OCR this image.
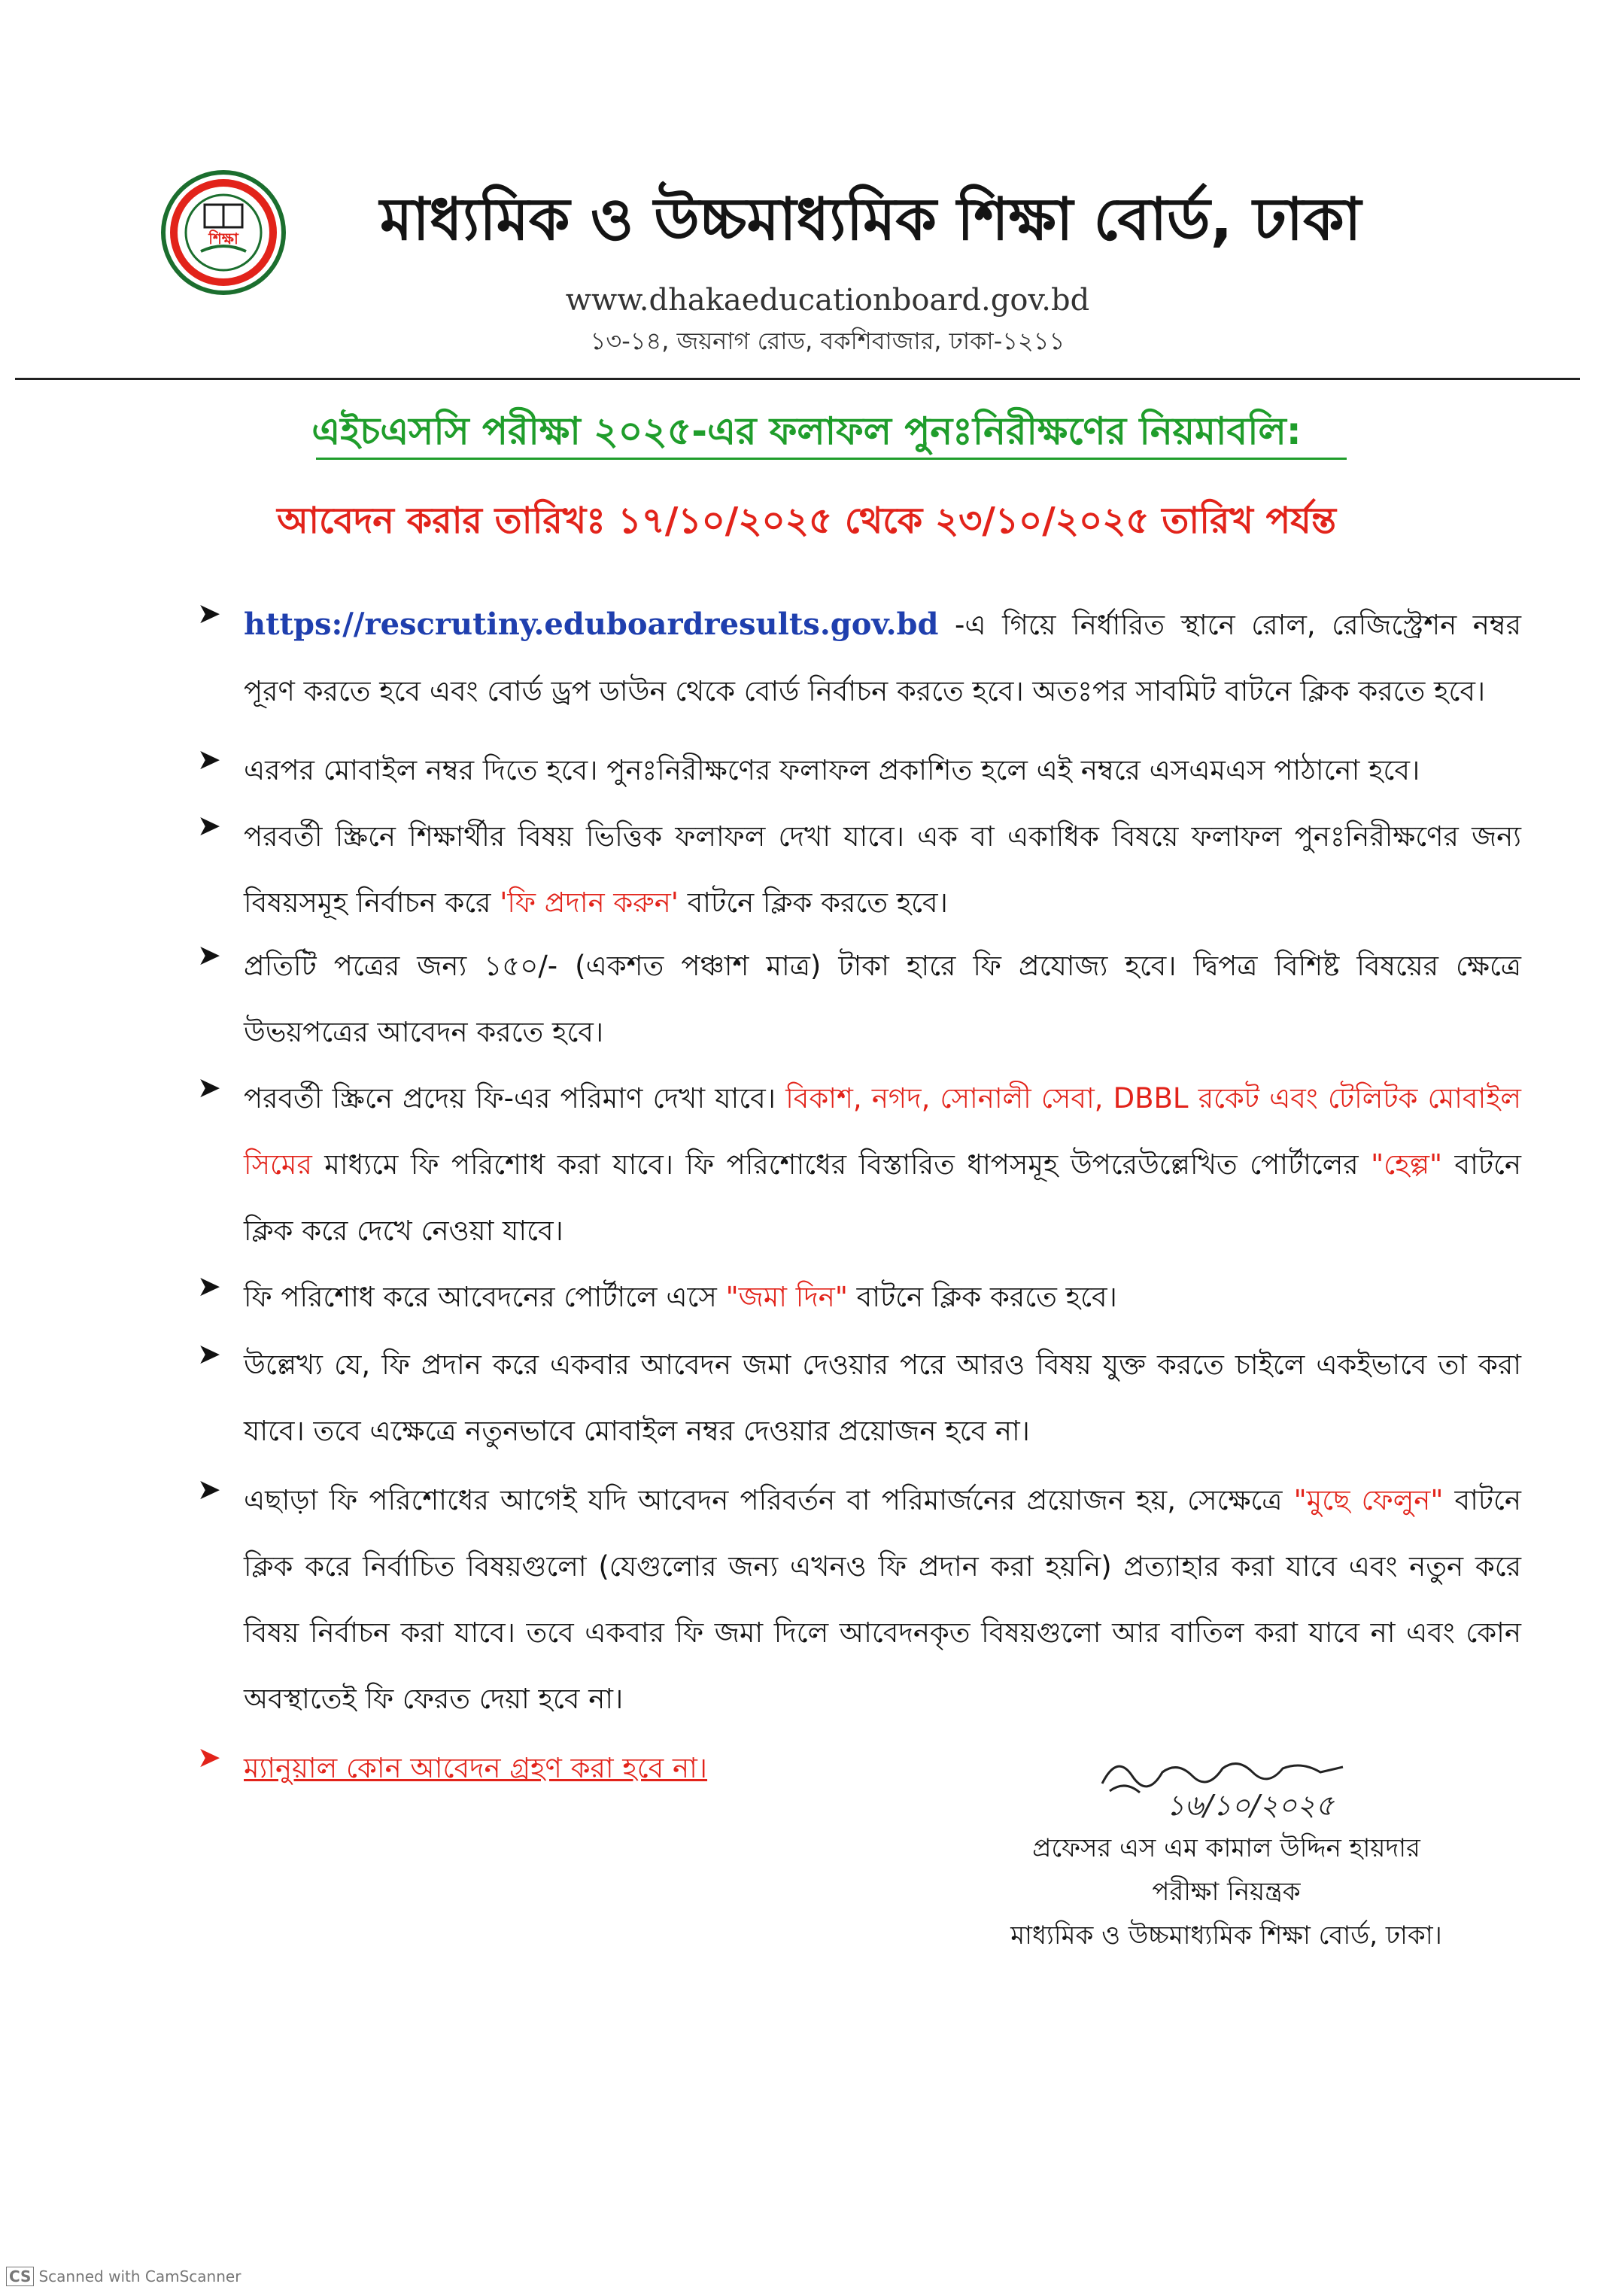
শিক্ষা মাধ্যমিক ও উচ্চমাধ্যমিক শিক্ষা বোর্ড, ঢাকা
www.dhakaeducationboard.gov.bd
১৩-১৪, জয়নাগ রোড, বকশিবাজার, ঢাকা-১২১১
এইচএসসি পরীক্ষা ২০২৫-এর ফলাফল পুনঃনিরীক্ষণের নিয়মাবলি:
আবেদন করার তারিখঃ ১৭/১০/২০২৫ থেকে ২৩/১০/২০২৫ তারিখ পর্যন্ত
➤ https://rescrutiny.eduboardresults.gov.bd -এ গিয়ে নির্ধারিত স্থানে রোল, রেজিস্ট্রেশন নম্বর পূরণ করতে হবে এবং বোর্ড ড্রপ ডাউন থেকে বোর্ড নির্বাচন করতে হবে। অতঃপর সাবমিট বাটনে ক্লিক করতে হবে।
➤ এরপর মোবাইল নম্বর দিতে হবে। পুনঃনিরীক্ষণের ফলাফল প্রকাশিত হলে এই নম্বরে এসএমএস পাঠানো হবে।
➤ পরবর্তী স্ক্রিনে শিক্ষার্থীর বিষয় ভিত্তিক ফলাফল দেখা যাবে। এক বা একাধিক বিষয়ে ফলাফল পুনঃনিরীক্ষণের জন্য বিষয়সমূহ নির্বাচন করে 'ফি প্রদান করুন' বাটনে ক্লিক করতে হবে।
➤ প্রতিটি পত্রের জন্য ১৫০/- (একশত পঞ্চাশ মাত্র) টাকা হারে ফি প্রযোজ্য হবে। দ্বিপত্র বিশিষ্ট বিষয়ের ক্ষেত্রে উভয়পত্রের আবেদন করতে হবে।
➤ পরবর্তী স্ক্রিনে প্রদেয় ফি-এর পরিমাণ দেখা যাবে। বিকাশ, নগদ, সোনালী সেবা, DBBL রকেট এবং টেলিটক মোবাইল সিমের মাধ্যমে ফি পরিশোধ করা যাবে। ফি পরিশোধের বিস্তারিত ধাপসমূহ উপরেউল্লেখিত পোর্টালের "হেল্প" বাটনে ক্লিক করে দেখে নেওয়া যাবে।
➤ ফি পরিশোধ করে আবেদনের পোর্টালে এসে "জমা দিন" বাটনে ক্লিক করতে হবে।
➤ উল্লেখ্য যে, ফি প্রদান করে একবার আবেদন জমা দেওয়ার পরে আরও বিষয় যুক্ত করতে চাইলে একইভাবে তা করা যাবে। তবে এক্ষেত্রে নতুনভাবে মোবাইল নম্বর দেওয়ার প্রয়োজন হবে না।
➤ এছাড়া ফি পরিশোধের আগেই যদি আবেদন পরিবর্তন বা পরিমার্জনের প্রয়োজন হয়, সেক্ষেত্রে "মুছে ফেলুন" বাটনে ক্লিক করে নির্বাচিত বিষয়গুলো (যেগুলোর জন্য এখনও ফি প্রদান করা হয়নি) প্রত্যাহার করা যাবে এবং নতুন করে বিষয় নির্বাচন করা যাবে। তবে একবার ফি জমা দিলে আবেদনকৃত বিষয়গুলো আর বাতিল করা যাবে না এবং কোন অবস্থাতেই ফি ফেরত দেয়া হবে না।
➤ ম্যানুয়াল কোন আবেদন গ্রহণ করা হবে না।
১৬/১০/২০২৫
প্রফেসর এস এম কামাল উদ্দিন হায়দার
পরীক্ষা নিয়ন্ত্রক
মাধ্যমিক ও উচ্চমাধ্যমিক শিক্ষা বোর্ড, ঢাকা।
CS Scanned with CamScanner
